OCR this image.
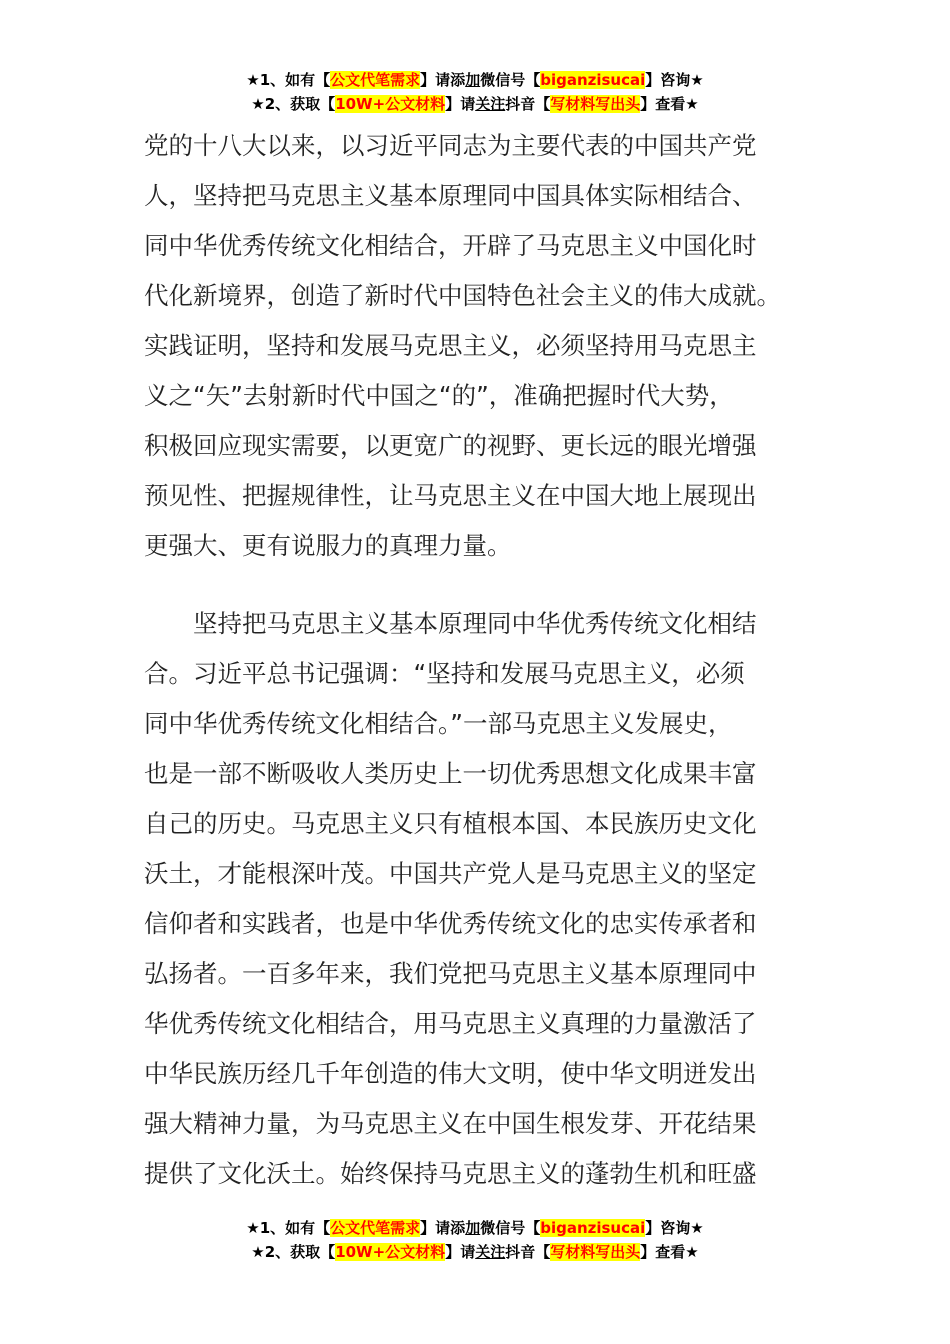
★1、如有【公文代笔需求】请添加微信号【biganzisucai】咨询★
★2、获取【10W+公文材料】请关注抖音【写材料写出头】查看★

党的十八大以来，以习近平同志为主要代表的中国共产党
人，坚持把马克思主义基本原理同中国具体实际相结合、
同中华优秀传统文化相结合，开辟了马克思主义中国化时
代化新境界，创造了新时代中国特色社会主义的伟大成就。
实践证明，坚持和发展马克思主义，必须坚持用马克思主
义之“矢”去射新时代中国之“的”，准确把握时代大势，
积极回应现实需要，以更宽广的视野、更长远的眼光增强
预见性、把握规律性，让马克思主义在中国大地上展现出
更强大、更有说服力的真理力量。

坚持把马克思主义基本原理同中华优秀传统文化相结
合。习近平总书记强调：“坚持和发展马克思主义，必须
同中华优秀传统文化相结合。”一部马克思主义发展史，
也是一部不断吸收人类历史上一切优秀思想文化成果丰富
自己的历史。马克思主义只有植根本国、本民族历史文化
沃土，才能根深叶茂。中国共产党人是马克思主义的坚定
信仰者和实践者，也是中华优秀传统文化的忠实传承者和
弘扬者。一百多年来，我们党把马克思主义基本原理同中
华优秀传统文化相结合，用马克思主义真理的力量激活了
中华民族历经几千年创造的伟大文明，使中华文明迸发出
强大精神力量，为马克思主义在中国生根发芽、开花结果
提供了文化沃土。始终保持马克思主义的蓬勃生机和旺盛

★1、如有【公文代笔需求】请添加微信号【biganzisucai】咨询★
★2、获取【10W+公文材料】请关注抖音【写材料写出头】查看★
